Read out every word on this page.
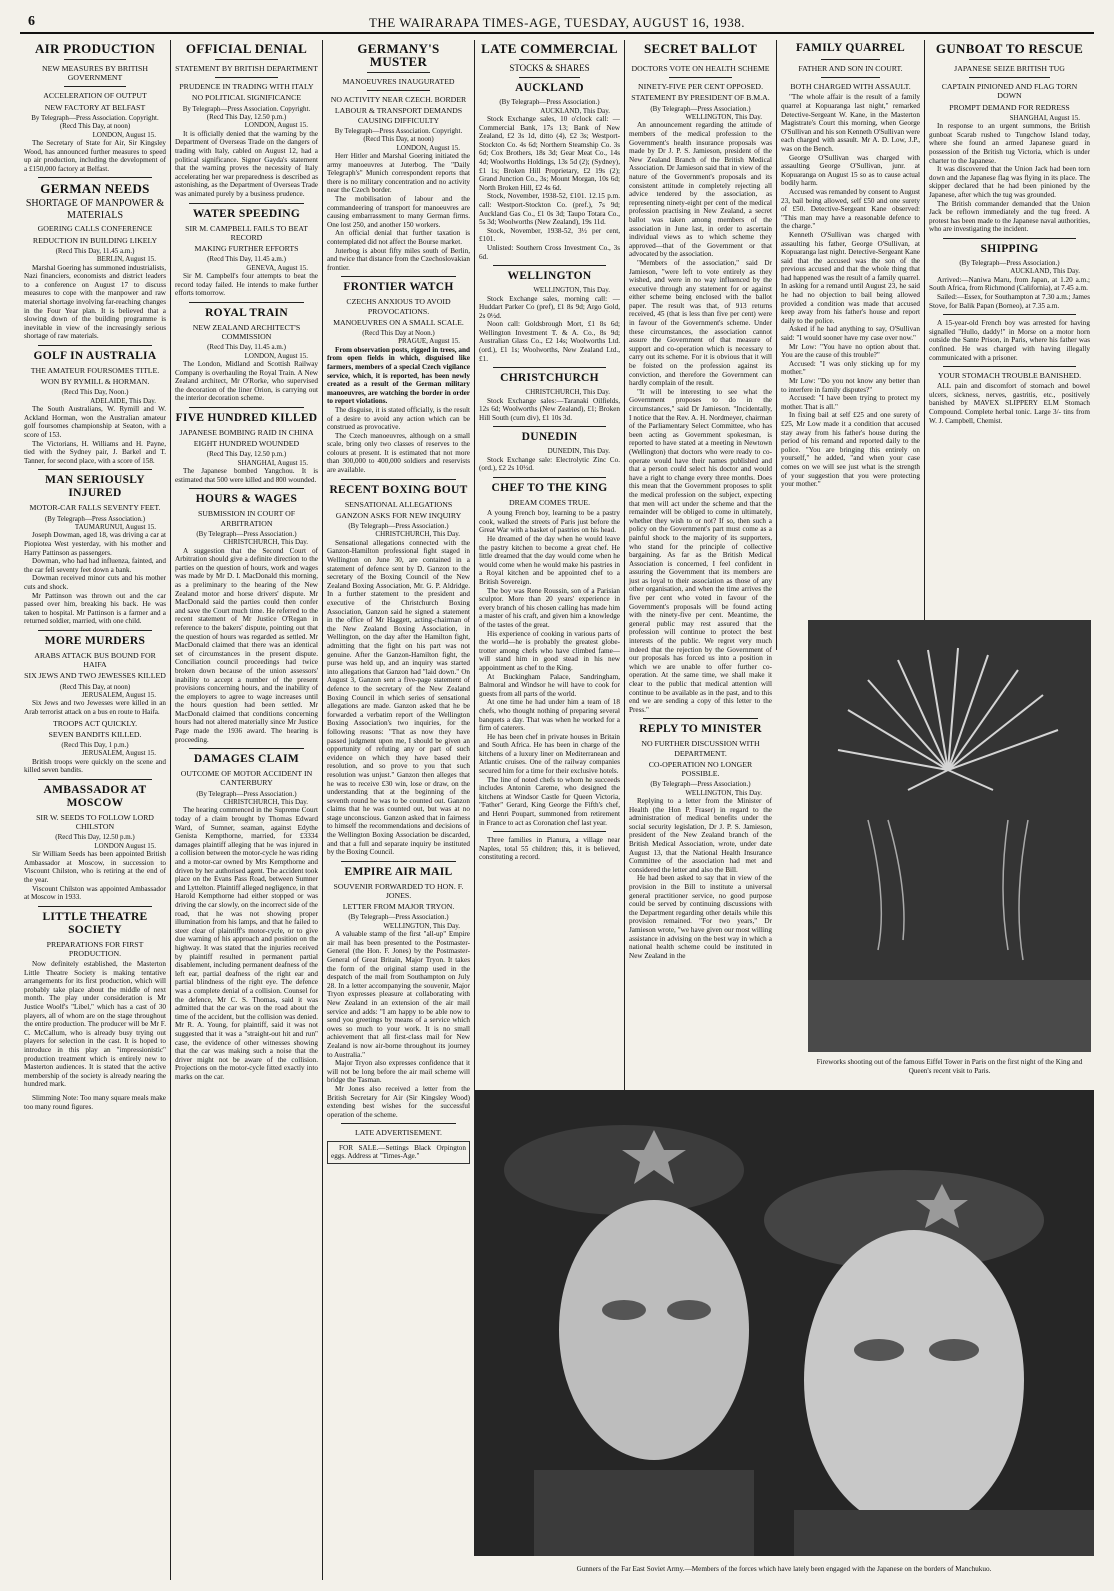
6	THE WAIRARAPA TIMES-AGE, TUESDAY, AUGUST 16, 1938.
AIR PRODUCTION
NEW MEASURES BY BRITISH GOVERNMENT
ACCELERATION OF OUTPUT
NEW FACTORY AT BELFAST
By Telegraph—Press Association. Copyright.
(Recd This Day, at noon)
LONDON, August 15.

The Secretary of State for Air, Sir Kingsley Wood, has announced further measures to speed up air production, including the development of a £150,000 factory at Belfast.

GERMAN NEEDS
SHORTAGE OF MANPOWER & MATERIALS
GOERING CALLS CONFERENCE
REDUCTION IN BUILDING LIKELY
(Recd This Day, 11.45 a.m.)
BERLIN, August 15.

Marshal Goering has summoned industrialists, Nazi financiers, economists and district leaders to a conference on August 17 to discuss measures to cope with the manpower and raw material shortage involving far-reaching changes in the Four Year plan. It is believed that a slowing down of the building programme is inevitable in view of the increasingly serious shortage of raw materials.

GOLF IN AUSTRALIA
THE AMATEUR FOURSOMES TITLE.
WON BY RYMILL & HORMAN.
(Recd This Day, Noon.)
ADELAIDE, This Day.

The South Australians, W. Rymill and W. Ackland Horman, won the Australian amateur golf foursomes championship at Seaton, with a score of 153.

The Victorians, H. Williams and H. Payne, tied with the Sydney pair, J. Barkel and T. Tanner, for second place, with a score of 158.

MAN SERIOUSLY INJURED
MOTOR-CAR FALLS SEVENTY FEET.
(By Telegraph—Press Association.)
TAUMARUNUI, August 15.

Joseph Dowman, aged 18, was driving a car at Piopiotea West yesterday, with his mother and Harry Pattinson as passengers.

Dowman, who had had influenza, fainted, and the car fell seventy feet down a bank.

Dowman received minor cuts and his mother cuts and shock.

Mr Pattinson was thrown out and the car passed over him, breaking his back. He was taken to hospital. Mr Pattinson is a farmer and a returned soldier, married, with one child.

MORE MURDERS
ARABS ATTACK BUS BOUND FOR HAIFA
SIX JEWS AND TWO JEWESSES KILLED
(Recd This Day, at noon)
JERUSALEM, August 15.

Six Jews and two Jewesses were killed in an Arab terrorist attack on a bus en route to Haifa.

TROOPS ACT QUICKLY.
SEVEN BANDITS KILLED.
(Recd This Day, 1 p.m.)
JERUSALEM, August 15.

British troops were quickly on the scene and killed seven bandits.

AMBASSADOR AT MOSCOW
SIR W. SEEDS TO FOLLOW LORD CHILSTON
(Recd This Day, 12.50 p.m.)
LONDON August 15.

Sir William Seeds has been appointed British Ambassador at Moscow, in succession to Viscount Chilston, who is retiring at the end of the year.

Viscount Chilston was appointed Ambassador at Moscow in 1933.

LITTLE THEATRE SOCIETY
PREPARATIONS FOR FIRST PRODUCTION.

Now definitely established, the Masterton Little Theatre Society is making tentative arrangements for its first production, which will probably take place about the middle of next month. The play under consideration is Mr Justice Woolf's "Libel," which has a cast of 30 players, all of whom are on the stage throughout the entire production. The producer will be Mr F. C. McCallum, who is already busy trying out players for selection in the cast. It is hoped to introduce in this play an "impressionistic" production treatment which is entirely new to Masterton audiences. It is stated that the active membership of the society is already nearing the hundred mark.

Slimming Note: Too many square meals make too many round figures.

OFFICIAL DENIAL
STATEMENT BY BRITISH DEPARTMENT
PRUDENCE IN TRADING WITH ITALY
NO POLITICAL SIGNIFICANCE
By Telegraph—Press Association. Copyright.
(Recd This Day, 12.50 p.m.)
LONDON, August 15.

It is officially denied that the warning by the Department of Overseas Trade on the dangers of trading with Italy, cabled on August 12, had a political significance. Signor Gayda's statement that the warning proves the necessity of Italy accelerating her war preparedness is described as astonishing, as the Department of Overseas Trade was animated purely by a business prudence.

WATER SPEEDING
SIR M. CAMPBELL FAILS TO BEAT RECORD
MAKING FURTHER EFFORTS
(Recd This Day, 11.45 a.m.)
GENEVA, August 15.

Sir M. Campbell's four attempts to beat the record today failed. He intends to make further efforts tomorrow.

ROYAL TRAIN
NEW ZEALAND ARCHITECT'S COMMISSION
(Recd This Day, 11.45 a.m.)
LONDON, August 15.

The London, Midland and Scottish Railway Company is overhauling the Royal Train. A New Zealand architect, Mr O'Rorke, who supervised the decoration of the liner Orion, is carrying out the interior decoration scheme.

FIVE HUNDRED KILLED
JAPANESE BOMBING RAID IN CHINA
EIGHT HUNDRED WOUNDED
(Recd This Day, 12.50 p.m.)
SHANGHAI, August 15.

The Japanese bombed Yangchou. It is estimated that 500 were killed and 800 wounded.

HOURS & WAGES
SUBMISSION IN COURT OF ARBITRATION
(By Telegraph—Press Association.)
CHRISTCHURCH, This Day.

A suggestion that the Second Court of Arbitration should give a definite direction to the parties on the question of hours, work and wages was made by Mr D. I. MacDonald this morning, as a preliminary to the hearing of the New Zealand motor and horse drivers' dispute. Mr MacDonald said the parties could then confer and save the Court much time. He referred to the recent statement of Mr Justice O'Regan in reference to the bakers' dispute, pointing out that the question of hours was regarded as settled. Mr MacDonald claimed that there was an identical set of circumstances in the present dispute. Conciliation council proceedings had twice broken down because of the union assessors' inability to accept a number of the present provisions concerning hours, and the inability of the employers to agree to wage increases until the hours question had been settled. Mr MacDonald claimed that conditions concerning hours had not altered materially since Mr Justice Page made the 1936 award. The hearing is proceeding.

DAMAGES CLAIM
OUTCOME OF MOTOR ACCIDENT IN CANTERBURY
(By Telegraph—Press Association.)
CHRISTCHURCH, This Day.

The hearing commenced in the Supreme Court today of a claim brought by Thomas Edward Ward, of Sumner, seaman, against Edythe Genista Kempthorne, married, for £3334 damages plaintiff alleging that he was injured in a collision between the motor-cycle he was riding and a motor-car owned by Mrs Kempthorne and driven by her authorised agent. The accident took place on the Evans Pass Road, between Sumner and Lyttelton. Plaintiff alleged negligence, in that Harold Kempthorne had either stopped or was driving the car slowly, on the incorrect side of the road, that he was not showing proper illumination from his lamps, and that he failed to steer clear of plaintiff's motor-cycle, or to give due warning of his approach and position on the highway. It was stated that the injuries received by plaintiff resulted in permanent partial disablement, including permanent deafness of the left ear, partial deafness of the right ear and partial blindness of the right eye. The defence was a complete denial of a collision. Counsel for the defence, Mr C. S. Thomas, said it was admitted that the car was on the road about the time of the accident, but the collision was denied. Mr R. A. Young, for plaintiff, said it was not suggested that it was a "straight-out hit and run" case, the evidence of other witnesses showing that the car was making such a noise that the driver might not be aware of the collision. Projections on the motor-cycle fitted exactly into marks on the car.

GERMANY'S MUSTER
MANOEUVRES INAUGURATED
NO ACTIVITY NEAR CZECH. BORDER
LABOUR & TRANSPORT DEMANDS CAUSING DIFFICULTY
By Telegraph—Press Association. Copyright.
(Recd This Day, at noon)
LONDON, August 15.

Herr Hitler and Marshal Goering initiated the army manoeuvres at Juterbog. The "Daily Telegraph's" Munich correspondent reports that there is no military concentration and no activity near the Czech border.

The mobilisation of labour and the commandeering of transport for manoeuvres are causing embarrassment to many German firms. One lost 250, and another 150 workers.

An official denial that further taxation is contemplated did not affect the Bourse market.

Juterbog is about fifty miles south of Berlin, and twice that distance from the Czechoslovakian frontier.

FRONTIER WATCH
CZECHS ANXIOUS TO AVOID PROVOCATIONS.
MANOEUVRES ON A SMALL SCALE.
(Recd This Day at Noon.)
PRAGUE, August 15.

From observation posts, rigged in trees, and from open fields in which, disguised like farmers, members of a special Czech vigilance service, which, it is reported, has been newly created as a result of the German military manoeuvres, are watching the border in order to report violations.

The disguise, it is stated officially, is the result of a desire to avoid any action which can be construed as provocative.

The Czech manoeuvres, although on a small scale, bring only two classes of reserves to the colours at present. It is estimated that not more than 300,000 to 400,000 soldiers and reservists are available.

RECENT BOXING BOUT
SENSATIONAL ALLEGATIONS
GANZON ASKS FOR NEW INQUIRY
(By Telegraph—Press Association.)
CHRISTCHURCH, This Day.

Sensational allegations connected with the Ganzon-Hamilton professional fight staged in Wellington on June 30, are contained in a statement of defence sent by D. Ganzon to the secretary of the Boxing Council of the New Zealand Boxing Association, Mr. G. P. Aldridge. In a further statement to the president and executive of the Christchurch Boxing Association, Ganzon said he signed a statement in the office of Mr Haggett, acting-chairman of the New Zealand Boxing Association, in Wellington, on the day after the Hamilton fight, admitting that the fight on his part was not genuine. After the Ganzon-Hamilton fight, the purse was held up, and an inquiry was started into allegations that Ganzon had "laid down." On August 3, Ganzon sent a five-page statement of defence to the secretary of the New Zealand Boxing Council in which series of sensational allegations are made. Ganzon asked that he be forwarded a verbatim report of the Wellington Boxing Association's two inquiries, for the following reasons: "That as now they have passed judgment upon me, I should be given an opportunity of refuting any or part of such evidence on which they have based their resolution, and so prove to you that such resolution was unjust." Ganzon then alleges that he was to receive £30 win, lose or draw, on the understanding that at the beginning of the seventh round he was to be counted out. Ganzon claims that he was counted out, but was at no stage unconscious. Ganzon asked that in fairness to himself the recommendations and decisions of the Wellington Boxing Association be discarded, and that a full and separate inquiry be instituted by the Boxing Council.

EMPIRE AIR MAIL
SOUVENIR FORWARDED TO HON. F. JONES.
LETTER FROM MAJOR TRYON.
(By Telegraph—Press Association.)
WELLINGTON, This Day.

A valuable stamp of the first "all-up" Empire air mail has been presented to the Postmaster-General (the Hon. F. Jones) by the Postmaster-General of Great Britain, Major Tryon. It takes the form of the original stamp used in the despatch of the mail from Southampton on July 28. In a letter accompanying the souvenir, Major Tryon expresses pleasure at collaborating with New Zealand in an extension of the air mail service and adds: "I am happy to be able now to send you greetings by means of a service which owes so much to your work. It is no small achievement that all first-class mail for New Zealand is now air-borne throughout its journey to Australia."

Major Tryon also expresses confidence that it will not be long before the air mail scheme will bridge the Tasman.

Mr Jones also received a letter from the British Secretary for Air (Sir Kingsley Wood) extending best wishes for the successful operation of the scheme.

LATE ADVERTISEMENT.

FOR SALE.—Settings Black Orpington eggs. Address at "Times-Age."

LATE COMMERCIAL
STOCKS & SHARES
AUCKLAND
(By Telegraph—Press Association.)
AUCKLAND, This Day.

Stock Exchange sales, 10 o'clock call: —Commercial Bank, 17s 13; Bank of New Zealand, £2 3s 1d, ditto (4), £2 3s; Westport-Stockton Co. 4s 6d; Northern Steamship Co. 3s 6d; Cox Brothers, 18s 3d; Gear Meat Co., 14s 4d; Woolworths Holdings, 13s 5d (2); (Sydney), £1 1s; Broken Hill Proprietary, £2 19s (2); Grand Junction Co., 3s; Mount Morgan, 10s 6d; North Broken Hill, £2 4s 6d.

Stock, November, 1938-52, £101. 12.15 p.m. call: Westport-Stockton Co. (pref.), 7s 9d; Auckland Gas Co., £1 0s 3d; Taupo Totara Co., 5s 3d; Woolworths (New Zealand), 19s 11d.

Stock, November, 1938-52, 3½ per cent, £101.

Unlisted: Southern Cross Investment Co., 3s 6d.

WELLINGTON
WELLINGTON, This Day.

Stock Exchange sales, morning call: —Huddart Parker Co (pref), £1 8s 9d; Argo Gold, 2s 0½d.

Noon call: Goldsbrough Mort, £1 8s 6d; Wellington Investment T. & A. Co., 8s 9d; Australian Glass Co., £2 14s; Woolworths Ltd. (ord.), £1 1s; Woolworths, New Zealand Ltd., £1.

CHRISTCHURCH
CHRISTCHURCH, This Day.

Stock Exchange sales:—Taranaki Oilfields, 12s 6d; Woolworths (New Zealand), £1; Broken Hill South (cum div), £1 10s 3d.

DUNEDIN
DUNEDIN, This Day.

Stock Exchange sale: Electrolytic Zinc Co. (ord.), £2 2s 10½d.

CHEF TO THE KING
DREAM COMES TRUE.

A young French boy, learning to be a pastry cook, walked the streets of Paris just before the Great War with a basket of pastries on his head.

He dreamed of the day when he would leave the pastry kitchen to become a great chef. He little dreamed that the day would come when he would come when he would make his pastries in a Royal kitchen and be appointed chef to a British Sovereign.

The boy was Rene Roussin, son of a Parisian sculptor. More than 20 years' experience in every branch of his chosen calling has made him a master of his craft, and given him a knowledge of the tastes of the great.

His experience of cooking in various parts of the world—he is probably the greatest globe-trotter among chefs who have climbed fame—will stand him in good stead in his new appointment as chef to the King.

At Buckingham Palace, Sandringham, Balmoral and Windsor he will have to cook for guests from all parts of the world.

At one time he had under him a team of 18 chefs, who thought nothing of preparing several banquets a day. That was when he worked for a firm of caterers.

He has been chef in private houses in Britain and South Africa. He has been in charge of the kitchens of a luxury liner on Mediterranean and Atlantic cruises. One of the railway companies secured him for a time for their exclusive hotels.

The line of noted chefs to whom he succeeds includes Antonin Careme, who designed the kitchens at Windsor Castle for Queen Victoria, "Father" Gerard, King George the Fifth's chef, and Henri Poupart, summoned from retirement in France to act as Coronation chef last year.

Three families in Pianura, a village near Naples, total 55 children; this, it is believed, constituting a record.

SECRET BALLOT
DOCTORS VOTE ON HEALTH SCHEME
NINETY-FIVE PER CENT OPPOSED.
STATEMENT BY PRESIDENT OF B.M.A.
(By Telegraph—Press Association.)
WELLINGTON, This Day.

An announcement regarding the attitude of members of the medical profession to the Government's health insurance proposals was made by Dr J. P. S. Jamieson, president of the New Zealand Branch of the British Medical Association. Dr Jamieson said that in view of the nature of the Government's proposals and its consistent attitude in completely rejecting all advice tendered by the association, as representing ninety-eight per cent of the medical profession practising in New Zealand, a secret ballot was taken among members of the association in June last, in order to ascertain individual views as to which scheme they approved—that of the Government or that advocated by the association.

"Members of the association," said Dr Jamieson, "were left to vote entirely as they wished, and were in no way influenced by the executive through any statement for or against either scheme being enclosed with the ballot paper. The result was that, of 913 returns received, 45 (that is less than five per cent) were in favour of the Government's scheme. Under these circumstances, the association cannot assure the Government of that measure of support and co-operation which is necessary to carry out its scheme. For it is obvious that it will be foisted on the profession against its conviction, and therefore the Government can hardly complain of the result.

"It will be interesting to see what the Government proposes to do in the circumstances," said Dr Jamieson. "Incidentally, I notice that the Rev. A. H. Nordmeyer, chairman of the Parliamentary Select Committee, who has been acting as Government spokesman, is reported to have stated at a meeting in Newtown (Wellington) that doctors who were ready to co-operate would have their names published and that a person could select his doctor and would have a right to change every three months. Does this mean that the Government proposes to split the medical profession on the subject, expecting that men will act under the scheme and that the remainder will be obliged to come in ultimately, whether they wish to or not? If so, then such a policy on the Government's part must come as a painful shock to the majority of its supporters, who stand for the principle of collective bargaining. As far as the British Medical Association is concerned, I feel confident in assuring the Government that its members are just as loyal to their association as those of any other organisation, and when the time arrives the five per cent who voted in favour of the Government's proposals will be found acting with the ninety-five per cent. Meantime, the general public may rest assured that the profession will continue to protect the best interests of the public. We regret very much indeed that the rejection by the Government of our proposals has forced us into a position in which we are unable to offer further co-operation. At the same time, we shall make it clear to the public that medical attention will continue to be available as in the past, and to this end we are sending a copy of this letter to the Press."

REPLY TO MINISTER
NO FURTHER DISCUSSION WITH DEPARTMENT.
CO-OPERATION NO LONGER POSSIBLE.
(By Telegraph—Press Association.)
WELLINGTON, This Day.

Replying to a letter from the Minister of Health (the Hon P. Fraser) in regard to the administration of medical benefits under the social security legislation, Dr J. P. S. Jamieson, president of the New Zealand branch of the British Medical Association, wrote, under date August 13, that the National Health Insurance Committee of the association had met and considered the letter and also the Bill.

He had been asked to say that in view of the provision in the Bill to institute a universal general practitioner service, no good purpose could be served by continuing discussions with the Department regarding other details while this provision remained. "For two years," Dr Jamieson wrote, "we have given our most willing assistance in advising on the best way in which a national health scheme could be instituted in New Zealand in the

FAMILY QUARREL
FATHER AND SON IN COURT.
BOTH CHARGED WITH ASSAULT.

"The whole affair is the result of a family quarrel at Kopuaranga last night," remarked Detective-Sergeant W. Kane, in the Masterton Magistrate's Court this morning, when George O'Sullivan and his son Kenneth O'Sullivan were each charged with assault. Mr A. D. Low, J.P., was on the Bench.

George O'Sullivan was charged with assaulting George O'Sullivan, junr. at Kopuaranga on August 15 so as to cause actual bodily harm.

Accused was remanded by consent to August 23, bail being allowed, self £50 and one surety of £50. Detective-Sergeant Kane observed: "This man may have a reasonable defence to the charge."

Kenneth O'Sullivan was charged with assaulting his father, George O'Sullivan, at Kopuaranga last night. Detective-Sergeant Kane said that the accused was the son of the previous accused and that the whole thing that had happened was the result of a family quarrel. In asking for a remand until August 23, he said he had no objection to bail being allowed provided a condition was made that accused keep away from his father's house and report daily to the police.

Asked if he had anything to say, O'Sullivan said: "I would sooner have my case over now."

Mr Low: "You have no option about that. You are the cause of this trouble?"

Accused: "I was only sticking up for my mother."

Mr Low: "Do you not know any better than to interfere in family disputes?"

Accused: "I have been trying to protect my mother. That is all."

In fixing bail at self £25 and one surety of £25, Mr Low made it a condition that accused stay away from his father's house during the period of his remand and reported daily to the police. "You are bringing this entirely on yourself," he added, "and when your case comes on we will see just what is the strength of your suggestion that you were protecting your mother."

GUNBOAT TO RESCUE
JAPANESE SEIZE BRITISH TUG
CAPTAIN PINIONED AND FLAG TORN DOWN
PROMPT DEMAND FOR REDRESS
SHANGHAI, August 15.

In response to an urgent summons, the British gunboat Scarab rushed to Tungchow Island today, where she found an armed Japanese guard in possession of the British tug Victoria, which is under charter to the Japanese.

It was discovered that the Union Jack had been torn down and the Japanese flag was flying in its place. The skipper declared that he had been pinioned by the Japanese, after which the tug was grounded.

The British commander demanded that the Union Jack be reflown immediately and the tug freed. A protest has been made to the Japanese naval authorities, who are investigating the incident.

SHIPPING
(By Telegraph—Press Association.)
AUCKLAND, This Day.

Arrived:—Naniwa Maru, from Japan, at 1.20 a.m.; South Africa, from Richmond (California), at 7.45 a.m.

Sailed:—Essex, for Southampton at 7.30 a.m.; James Stove, for Balik Papan (Borneo), at 7.35 a.m.

A 15-year-old French boy was arrested for having signalled "Hullo, daddy!" in Morse on a motor horn outside the Sante Prison, in Paris, where his father was confined. He was charged with having illegally communicated with a prisoner.

YOUR STOMACH TROUBLE BANISHED.

ALL pain and discomfort of stomach and bowel ulcers, sickness, nerves, gastritis, etc., positively banished by MAVEX SLIPPERY ELM Stomach Compound. Complete herbal tonic. Large 3/- tins from W. J. Campbell, Chemist.

Fireworks shooting out of the famous Eiffel Tower in Paris on the first night of the King and Queen's recent visit to Paris.
Gunners of the Far East Soviet Army.—Members of the forces which have lately been engaged with the Japanese on the borders of Manchukuo.
